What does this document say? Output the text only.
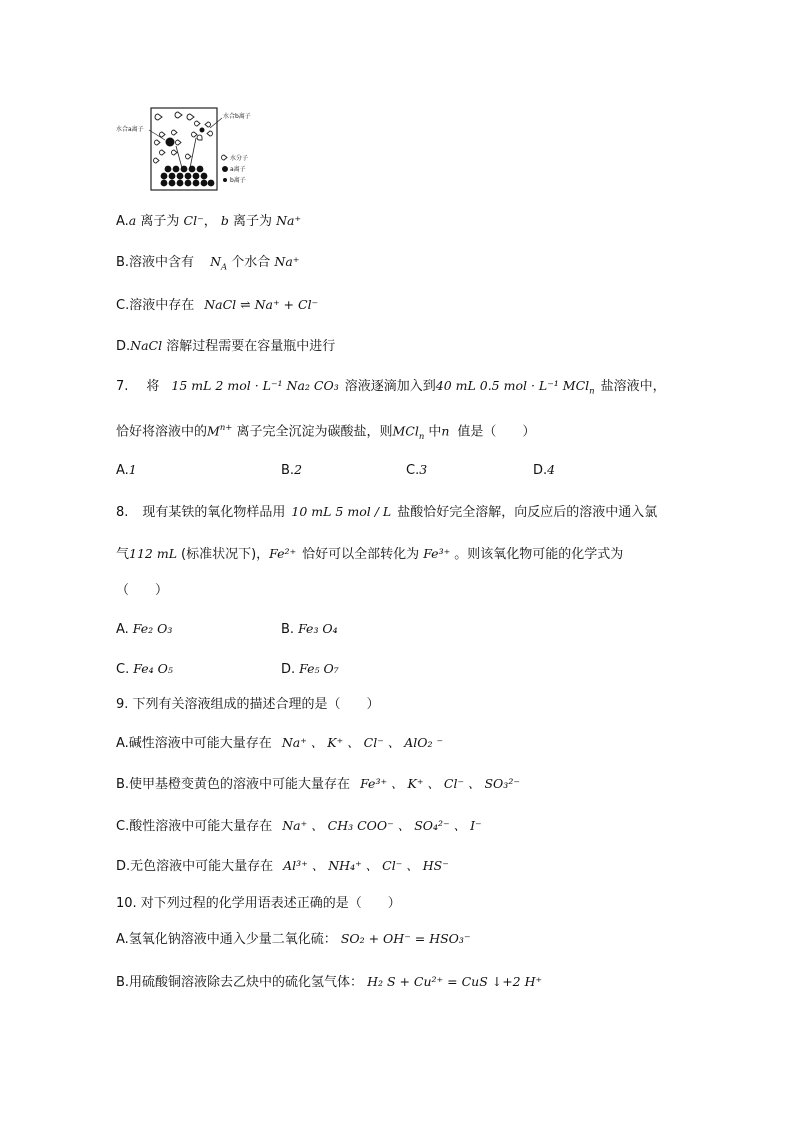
水合a离子
水合b离子
水分子
a离子
b离子
A.a 离子为 Cl⁻， b 离子为 Na⁺
B.溶液中含有 $N_A$ 个水合 Na⁺
C.溶液中存在 NaCl ⇌ Na⁺ + Cl⁻
D.NaCl 溶解过程需要在容量瓶中进行
7. 将 15 mL 2 mol · L⁻¹ Na₂ CO₃ 溶液逐滴加入到40 mL 0.5 mol · L⁻¹ MCl$_n$ 盐溶液中，
恰好将溶液中的$M^{n+}$ 离子完全沉淀为碳酸盐，则MCl$_n$ 中n 值是（　　）
A.1	B.2	C.3	D.4
8. 现有某铁的氧化物样品用 10 mL 5 mol / L 盐酸恰好完全溶解，向反应后的溶液中通入氯
气112 mL (标准状况下)，Fe²⁺ 恰好可以全部转化为 Fe³⁺ 。则该氧化物可能的化学式为
（　　）
A. Fe₂ O₃	B. Fe₃ O₄
C. Fe₄ O₅	D. Fe₅ O₇
9. 下列有关溶液组成的描述合理的是（　　）
A.碱性溶液中可能大量存在 Na⁺ 、 K⁺ 、 Cl⁻ 、 AlO₂ ⁻
B.使甲基橙变黄色的溶液中可能大量存在 Fe³⁺ 、 K⁺ 、 Cl⁻ 、 SO₃²⁻
C.酸性溶液中可能大量存在 Na⁺ 、 CH₃ COO⁻ 、 SO₄²⁻ 、 I⁻
D.无色溶液中可能大量存在 Al³⁺ 、 NH₄⁺ 、 Cl⁻ 、 HS⁻
10. 对下列过程的化学用语表述正确的是（　　）
A.氢氧化钠溶液中通入少量二氧化硫： SO₂ + OH⁻ = HSO₃⁻
B.用硫酸铜溶液除去乙炔中的硫化氢气体： H₂ S + Cu²⁺ = CuS ↓+2 H⁺
